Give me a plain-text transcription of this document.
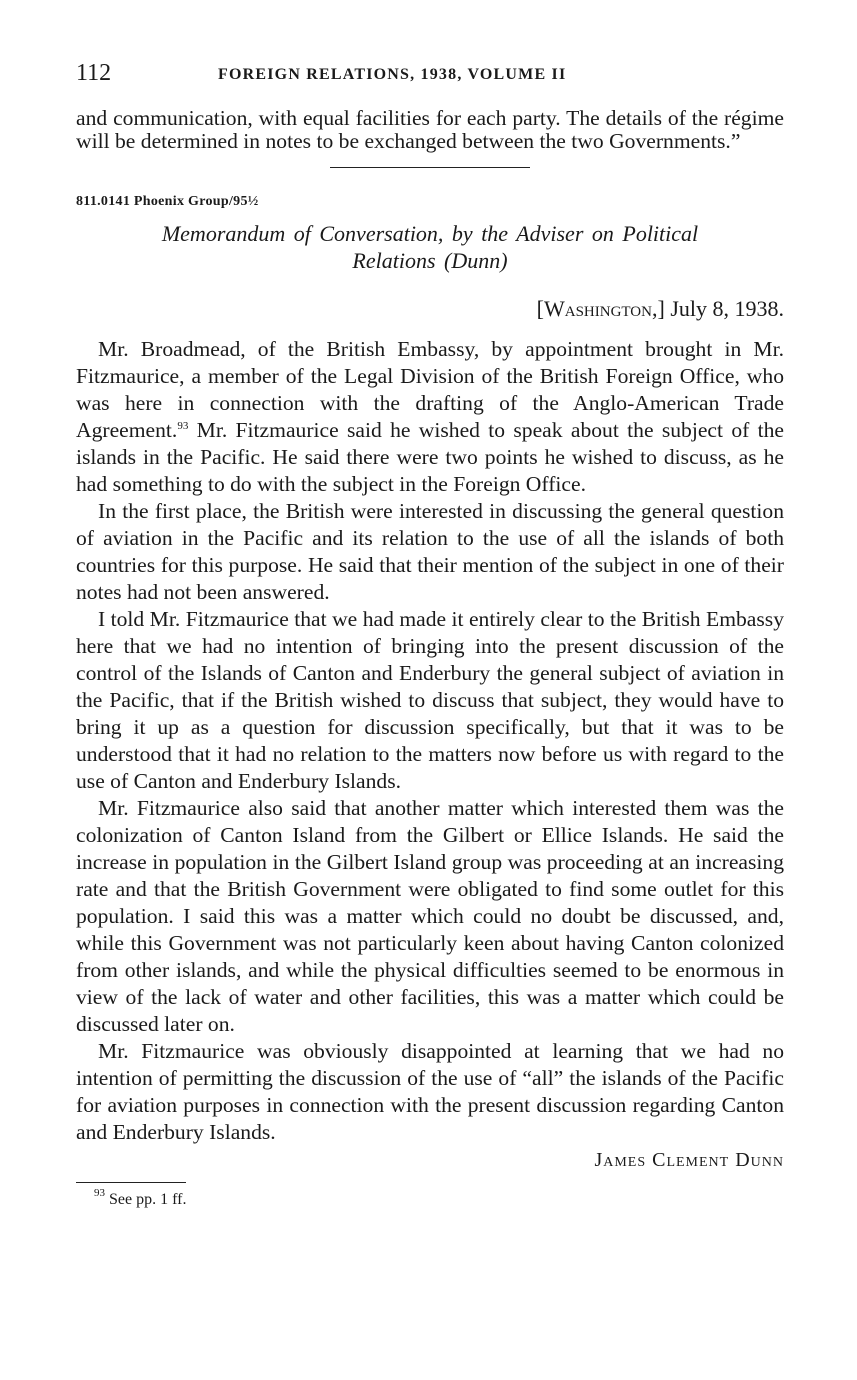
112	FOREIGN RELATIONS, 1938, VOLUME II

and communication, with equal facilities for each party. The details of the régime will be determined in notes to be exchanged between the two Governments.”

811.0141 Phoenix Group/95½
Memorandum of Conversation, by the Adviser on Political
Relations (Dunn)
[Washington,] July 8, 1938.

Mr. Broadmead, of the British Embassy, by appointment brought in Mr. Fitzmaurice, a member of the Legal Division of the British Foreign Office, who was here in connection with the drafting of the Anglo-American Trade Agreement.$^{93}$ Mr. Fitzmaurice said he wished to speak about the subject of the islands in the Pacific. He said there were two points he wished to discuss, as he had something to do with the subject in the Foreign Office.

In the first place, the British were interested in discussing the general question of aviation in the Pacific and its relation to the use of all the islands of both countries for this purpose. He said that their mention of the subject in one of their notes had not been answered.

I told Mr. Fitzmaurice that we had made it entirely clear to the British Embassy here that we had no intention of bringing into the present discussion of the control of the Islands of Canton and Enderbury the general subject of aviation in the Pacific, that if the British wished to discuss that subject, they would have to bring it up as a question for discussion specifically, but that it was to be understood that it had no relation to the matters now before us with regard to the use of Canton and Enderbury Islands.

Mr. Fitzmaurice also said that another matter which interested them was the colonization of Canton Island from the Gilbert or Ellice Islands. He said the increase in population in the Gilbert Island group was proceeding at an increasing rate and that the British Government were obligated to find some outlet for this population. I said this was a matter which could no doubt be discussed, and, while this Government was not particularly keen about having Canton colonized from other islands, and while the physical difficulties seemed to be enormous in view of the lack of water and other facilities, this was a matter which could be discussed later on.

Mr. Fitzmaurice was obviously disappointed at learning that we had no intention of permitting the discussion of the use of “all” the islands of the Pacific for aviation purposes in connection with the present discussion regarding Canton and Enderbury Islands.

James Clement Dunn
$^{93}$ See pp. 1 ff.
